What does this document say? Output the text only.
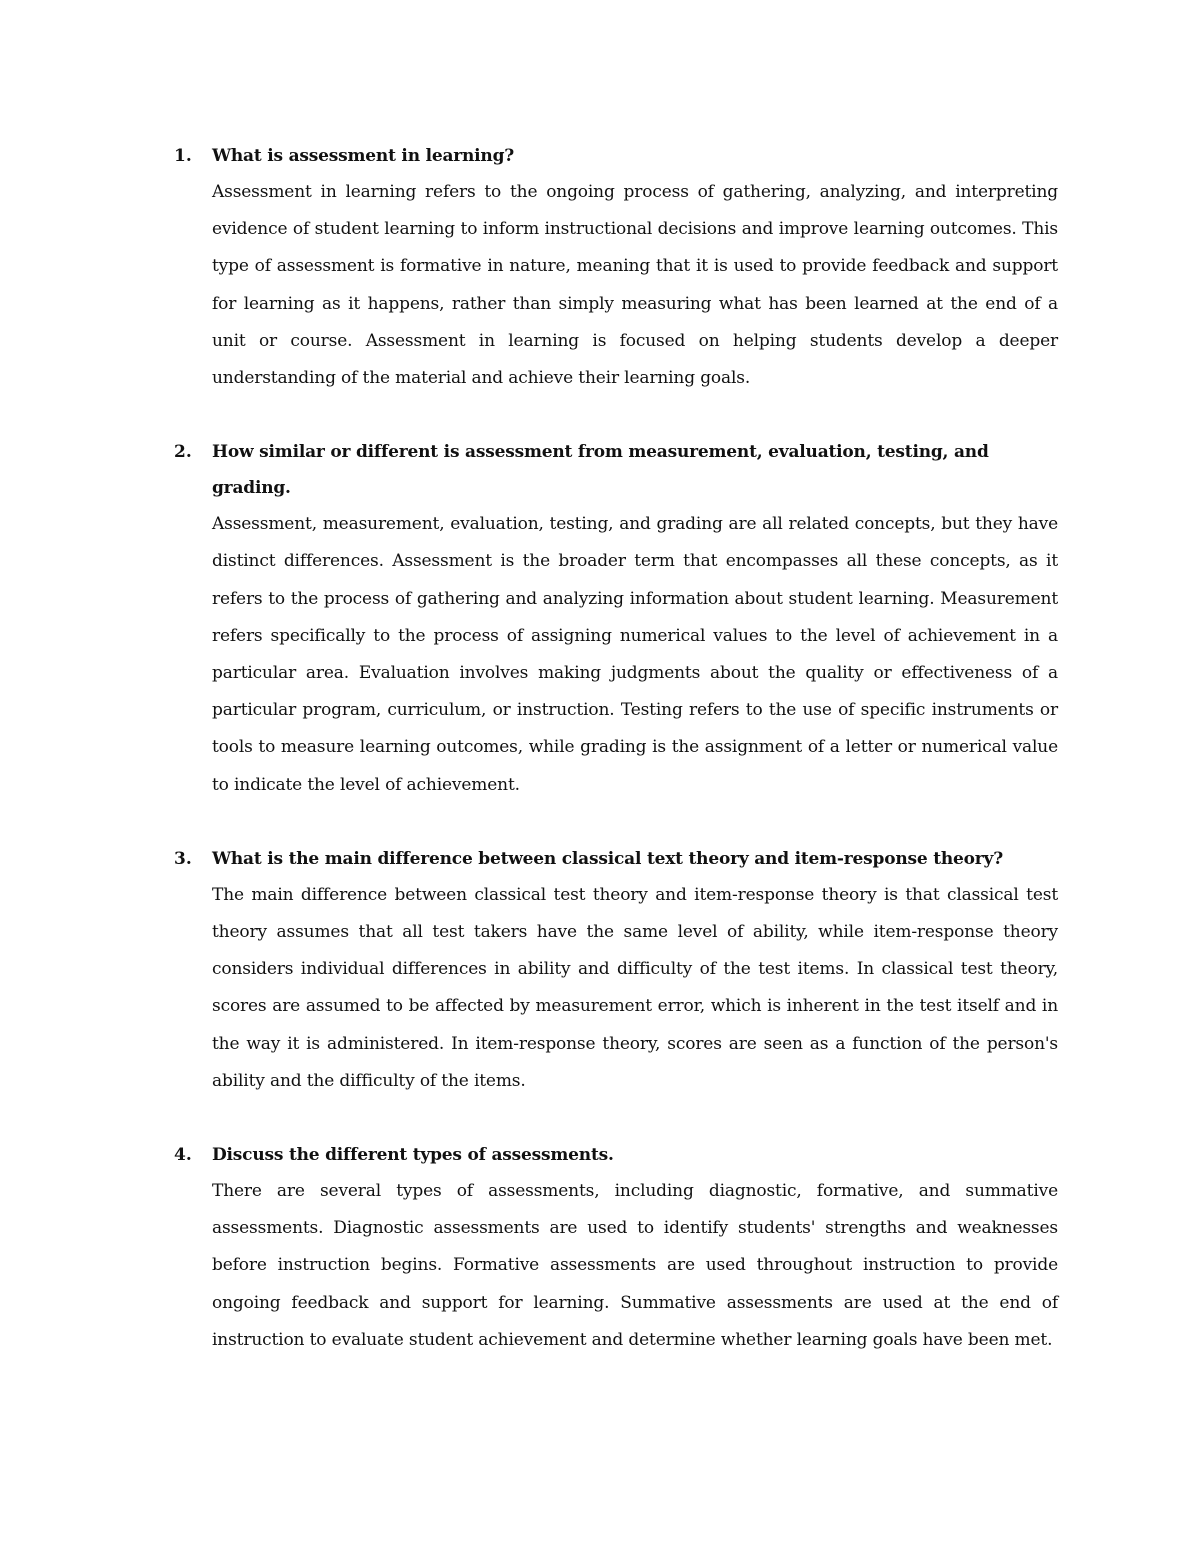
1. What is assessment in learning?

Assessment in learning refers to the ongoing process of gathering, analyzing, and interpreting evidence of student learning to inform instructional decisions and improve learning outcomes. This type of assessment is formative in nature, meaning that it is used to provide feedback and support for learning as it happens, rather than simply measuring what has been learned at the end of a unit or course. Assessment in learning is focused on helping students develop a deeper understanding of the material and achieve their learning goals.

2. How similar or different is assessment from measurement, evaluation, testing, and grading.

Assessment, measurement, evaluation, testing, and grading are all related concepts, but they have distinct differences. Assessment is the broader term that encompasses all these concepts, as it refers to the process of gathering and analyzing information about student learning. Measurement refers specifically to the process of assigning numerical values to the level of achievement in a particular area. Evaluation involves making judgments about the quality or effectiveness of a particular program, curriculum, or instruction. Testing refers to the use of specific instruments or tools to measure learning outcomes, while grading is the assignment of a letter or numerical value to indicate the level of achievement.

3. What is the main difference between classical text theory and item-response theory?

The main difference between classical test theory and item-response theory is that classical test theory assumes that all test takers have the same level of ability, while item-response theory considers individual differences in ability and difficulty of the test items. In classical test theory, scores are assumed to be affected by measurement error, which is inherent in the test itself and in the way it is administered. In item-response theory, scores are seen as a function of the person's ability and the difficulty of the items.

4. Discuss the different types of assessments.

There are several types of assessments, including diagnostic, formative, and summative assessments. Diagnostic assessments are used to identify students' strengths and weaknesses before instruction begins. Formative assessments are used throughout instruction to provide ongoing feedback and support for learning. Summative assessments are used at the end of instruction to evaluate student achievement and determine whether learning goals have been met.
